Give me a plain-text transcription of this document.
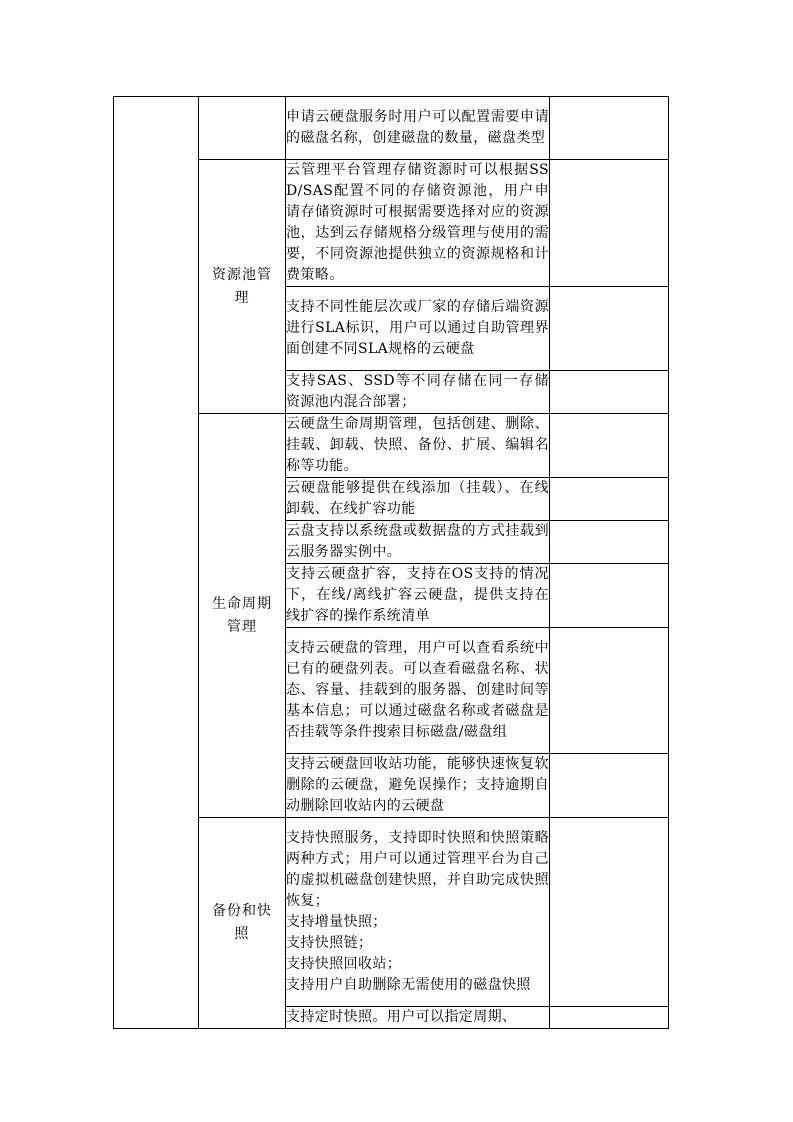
		申请云硬盘服务时用户可以配置需要申请的磁盘名称，创建磁盘的数量，磁盘类型	

	资源池管理	云管理平台管理存储资源时可以根据SSD/SAS配置不同的存储资源池，用户申请存储资源时可根据需要选择对应的资源池，达到云存储规格分级管理与使用的需要，不同资源池提供独立的资源规格和计费策略。	

		支持不同性能层次或厂家的存储后端资源进行SLA标识，用户可以通过自助管理界面创建不同SLA规格的云硬盘	

		支持SAS、SSD等不同存储在同一存储资源池内混合部署；	

	生命周期管理	云硬盘生命周期管理，包括创建、删除、挂载、卸载、快照、备份、扩展、编辑名称等功能。	

		云硬盘能够提供在线添加（挂载）、在线卸载、在线扩容功能	

		云盘支持以系统盘或数据盘的方式挂载到云服务器实例中。	

		支持云硬盘扩容，支持在OS支持的情况下，在线/离线扩容云硬盘，提供支持在线扩容的操作系统清单	

		支持云硬盘的管理，用户可以查看系统中已有的硬盘列表。可以查看磁盘名称、状态、容量、挂载到的服务器、创建时间等基本信息；可以通过磁盘名称或者磁盘是否挂载等条件搜索目标磁盘/磁盘组	

		支持云硬盘回收站功能，能够快速恢复软删除的云硬盘，避免误操作；支持逾期自动删除回收站内的云硬盘	

	备份和快照	支持快照服务，支持即时快照和快照策略两种方式；用户可以通过管理平台为自己的虚拟机磁盘创建快照，并自助完成快照恢复；
支持增量快照；
支持快照链；
支持快照回收站；
支持用户自助删除无需使用的磁盘快照	

		支持定时快照。用户可以指定周期、	
